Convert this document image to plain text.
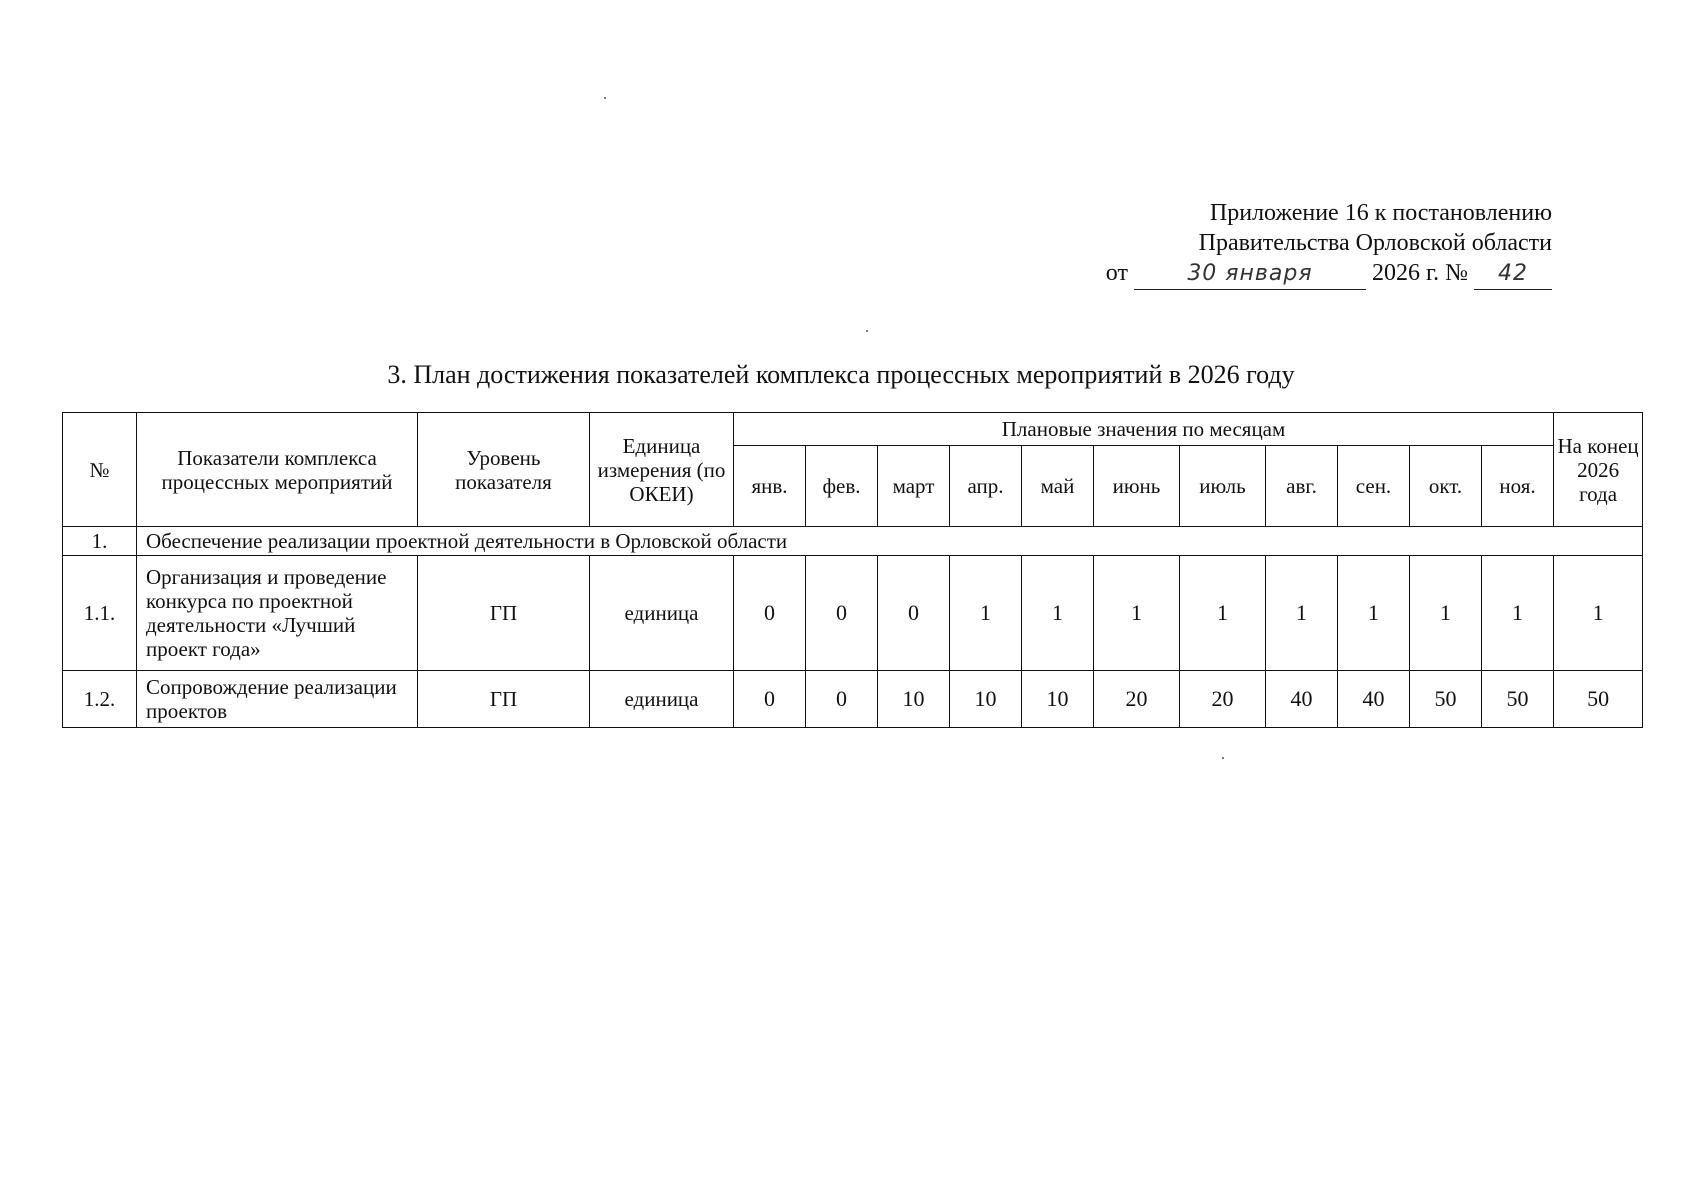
Приложение 16 к постановлению
Правительства Орловской области
от	30 января 2026 г. № 42
3. План достижения показателей комплекса процессных мероприятий в 2026 году
№	Показатели комплекса процессных мероприятий	Уровень показателя	Единица измерения (по ОКЕИ)	Плановые значения по месяцам											На конец 2026 года
				янв.	фев.	март	апр.	май	июнь	июль	авг.	сен.	окт.	ноя.	
1.	Обеспечение реализации проектной деятельности в Орловской области														
1.1.	Организация и проведение конкурса по проектной деятельности «Лучший проект года»	ГП	единица	0	0	0	1	1	1	1	1	1	1	1	1
1.2.	Сопровождение реализации проектов	ГП	единица	0	0	10	10	10	20	20	40	40	50	50	50
